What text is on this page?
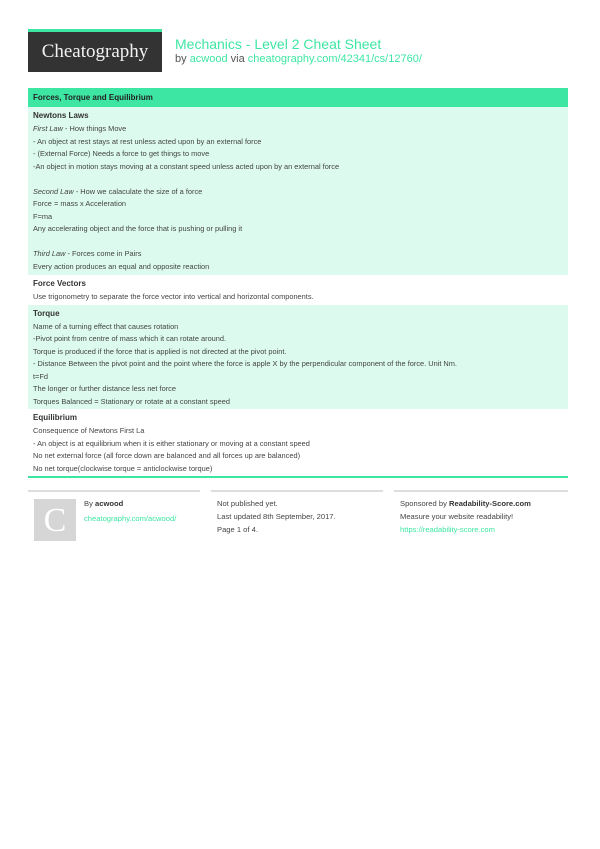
Cheatography	Mechanics - Level 2 Cheat Sheet
by acwood via cheatography.com/42341/cs/12760/
Forces, Torque and Equilibrium
Newtons Laws
First Law - How things Move
- An object at rest stays at rest unless acted upon by an external force
- (External Force) Needs a force to get things to move
-An object in motion stays moving at a constant speed unless acted upon by an external force
Second Law - How we calaculate the size of a force
Force = mass x Acceleration
F=ma
Any accelerating object and the force that is pushing or pulling it
Third Law - Forces come in Pairs
Every action produces an equal and opposite reaction
Force Vectors
Use trigonometry to separate the force vector into vertical and horizontal components.
Torque
Name of a turning effect that causes rotation
-Pivot point from centre of mass which it can rotate around.
Torque is produced if the force that is applied is not directed at the pivot point.
- Distance Between the pivot point and the point where the force is apple X by the perpendicular component of the force. Unit Nm.
t=Fd
The longer or further distance less net force
Torques Balanced = Stationary or rotate at a constant speed
Equilibrium
Consequence of Newtons First La
- An object is at equilibrium when it is either stationary or moving at a constant speed
No net external force (all force down are balanced and all forces up are balanced)
No net torque(clockwise torque = anticlockwise torque)
C	By acwood
cheatography.com/acwood/
Not published yet.
Last updated 8th September, 2017.
Page 1 of 4.
Sponsored by Readability-Score.com
Measure your website readability!
https://readability-score.com
